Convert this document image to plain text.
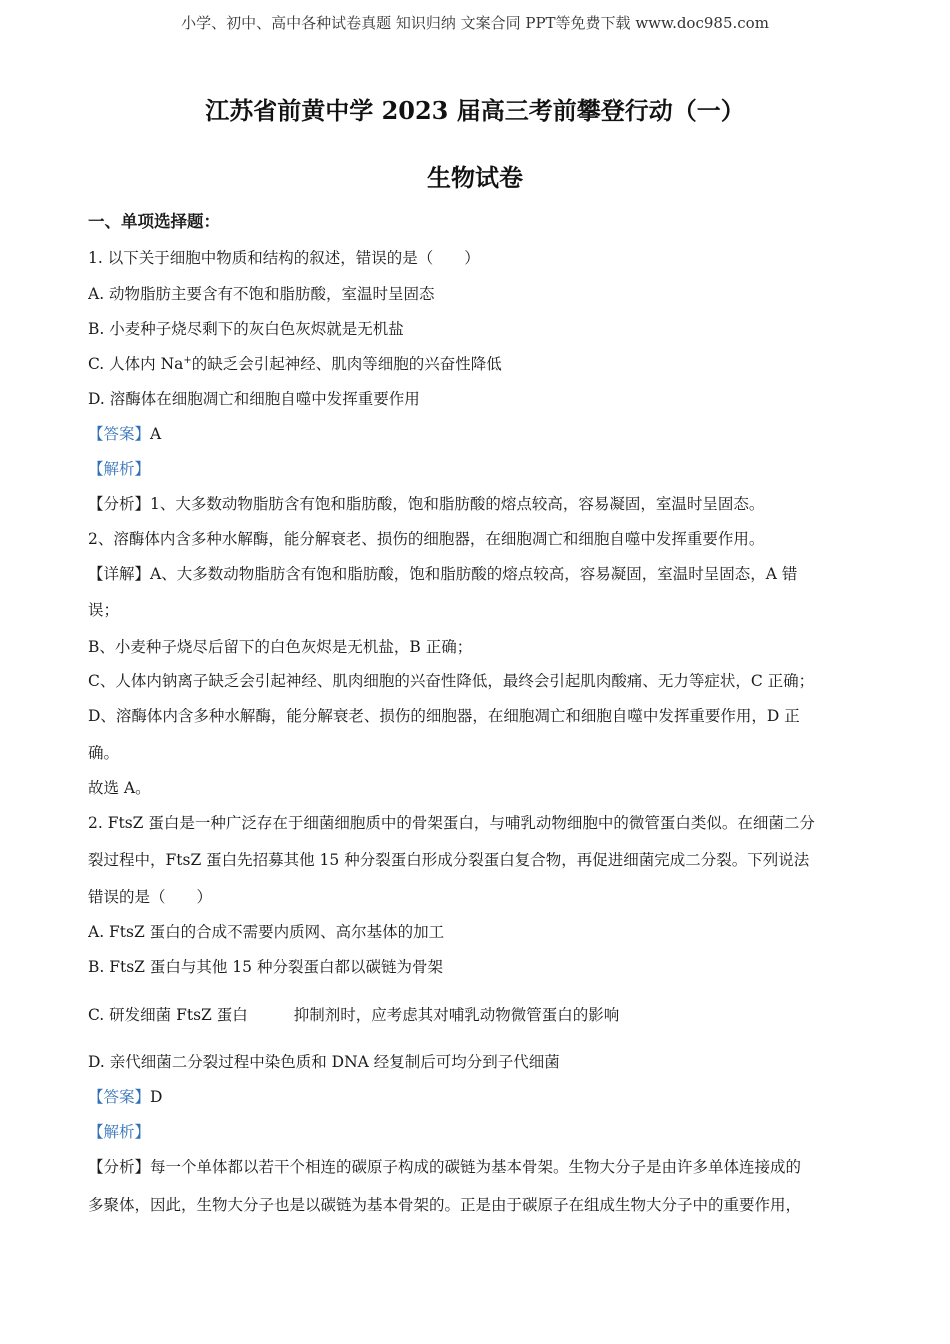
小学、初中、高中各种试卷真题 知识归纳 文案合同 PPT等免费下载 www.doc985.com
江苏省前黄中学 2023 届高三考前攀登行动（一）
生物试卷
一、单项选择题：
1. 以下关于细胞中物质和结构的叙述，错误的是（　　）
A. 动物脂肪主要含有不饱和脂肪酸，室温时呈固态
B. 小麦种子烧尽剩下的灰白色灰烬就是无机盐
C. 人体内 Na+的缺乏会引起神经、肌肉等细胞的兴奋性降低
D. 溶酶体在细胞凋亡和细胞自噬中发挥重要作用
【答案】A
【解析】
【分析】1、大多数动物脂肪含有饱和脂肪酸，饱和脂肪酸的熔点较高，容易凝固，室温时呈固态。
2、溶酶体内含多种水解酶，能分解衰老、损伤的细胞器，在细胞凋亡和细胞自噬中发挥重要作用。
【详解】A、大多数动物脂肪含有饱和脂肪酸，饱和脂肪酸的熔点较高，容易凝固，室温时呈固态，A 错
误；
B、小麦种子烧尽后留下的白色灰烬是无机盐，B 正确；
C、人体内钠离子缺乏会引起神经、肌肉细胞的兴奋性降低，最终会引起肌肉酸痛、无力等症状，C 正确；
D、溶酶体内含多种水解酶，能分解衰老、损伤的细胞器，在细胞凋亡和细胞自噬中发挥重要作用，D 正
确。
故选 A。
2. FtsZ 蛋白是一种广泛存在于细菌细胞质中的骨架蛋白，与哺乳动物细胞中的微管蛋白类似。在细菌二分
裂过程中，FtsZ 蛋白先招募其他 15 种分裂蛋白形成分裂蛋白复合物，再促进细菌完成二分裂。下列说法
错误的是（　　）
A. FtsZ 蛋白的合成不需要内质网、高尔基体的加工
B. FtsZ 蛋白与其他 15 种分裂蛋白都以碳链为骨架
C. 研发细菌 FtsZ 蛋白	抑制剂时，应考虑其对哺乳动物微管蛋白的影响
D. 亲代细菌二分裂过程中染色质和 DNA 经复制后可均分到子代细菌
【答案】D
【解析】
【分析】每一个单体都以若干个相连的碳原子构成的碳链为基本骨架。生物大分子是由许多单体连接成的
多聚体，因此，生物大分子也是以碳链为基本骨架的。正是由于碳原子在组成生物大分子中的重要作用，
